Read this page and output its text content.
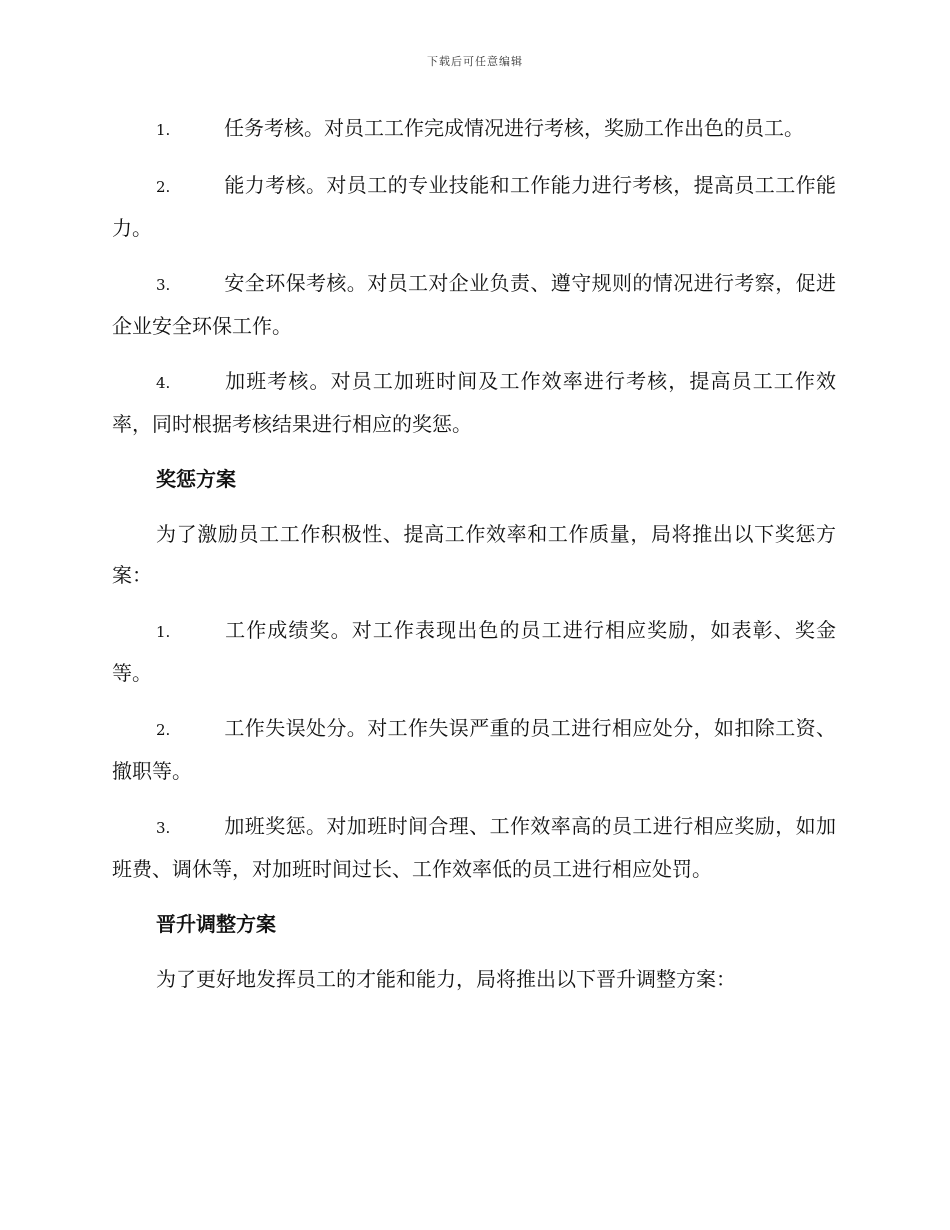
下载后可任意编辑

1.	任务考核。对员工工作完成情况进行考核，奖励工作出色的员工。

2.	能力考核。对员工的专业技能和工作能力进行考核，提高员工工作能力。

3.	安全环保考核。对员工对企业负责、遵守规则的情况进行考察，促进企业安全环保工作。

4.	加班考核。对员工加班时间及工作效率进行考核，提高员工工作效率，同时根据考核结果进行相应的奖惩。

奖惩方案

为了激励员工工作积极性、提高工作效率和工作质量，局将推出以下奖惩方案：

1.	工作成绩奖。对工作表现出色的员工进行相应奖励，如表彰、奖金等。

2.	工作失误处分。对工作失误严重的员工进行相应处分，如扣除工资、撤职等。

3.	加班奖惩。对加班时间合理、工作效率高的员工进行相应奖励，如加班费、调休等，对加班时间过长、工作效率低的员工进行相应处罚。

晋升调整方案

为了更好地发挥员工的才能和能力，局将推出以下晋升调整方案：
